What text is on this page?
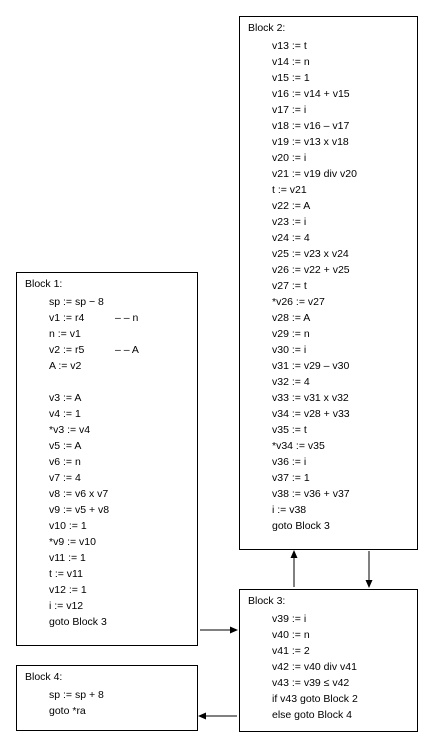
Block 1:
sp := sp − 8
v1 := r4	– – n
n := v1
v2 := r5	– – A
A := v2
v3 := A
v4 := 1
*v3 := v4
v5 := A
v6 := n
v7 := 4
v8 := v6 x v7
v9 := v5 + v8
v10 := 1
*v9 := v10
v11 := 1
t := v11
v12 := 1
i := v12
goto Block 3
Block 2:
v13 := t
v14 := n
v15 := 1
v16 := v14 + v15
v17 := i
v18 := v16 – v17
v19 := v13 x v18
v20 := i
v21 := v19 div v20
t := v21
v22 := A
v23 := i
v24 := 4
v25 := v23 x v24
v26 := v22 + v25
v27 := t
*v26 := v27
v28 := A
v29 := n
v30 := i
v31 := v29 – v30
v32 := 4
v33 := v31 x v32
v34 := v28 + v33
v35 := t
*v34 := v35
v36 := i
v37 := 1
v38 := v36 + v37
i := v38
goto Block 3
Block 3:
v39 := i
v40 := n
v41 := 2
v42 := v40 div v41
v43 := v39 ≤ v42
if v43 goto Block 2
else goto Block 4
Block 4:
sp := sp + 8
goto *ra
